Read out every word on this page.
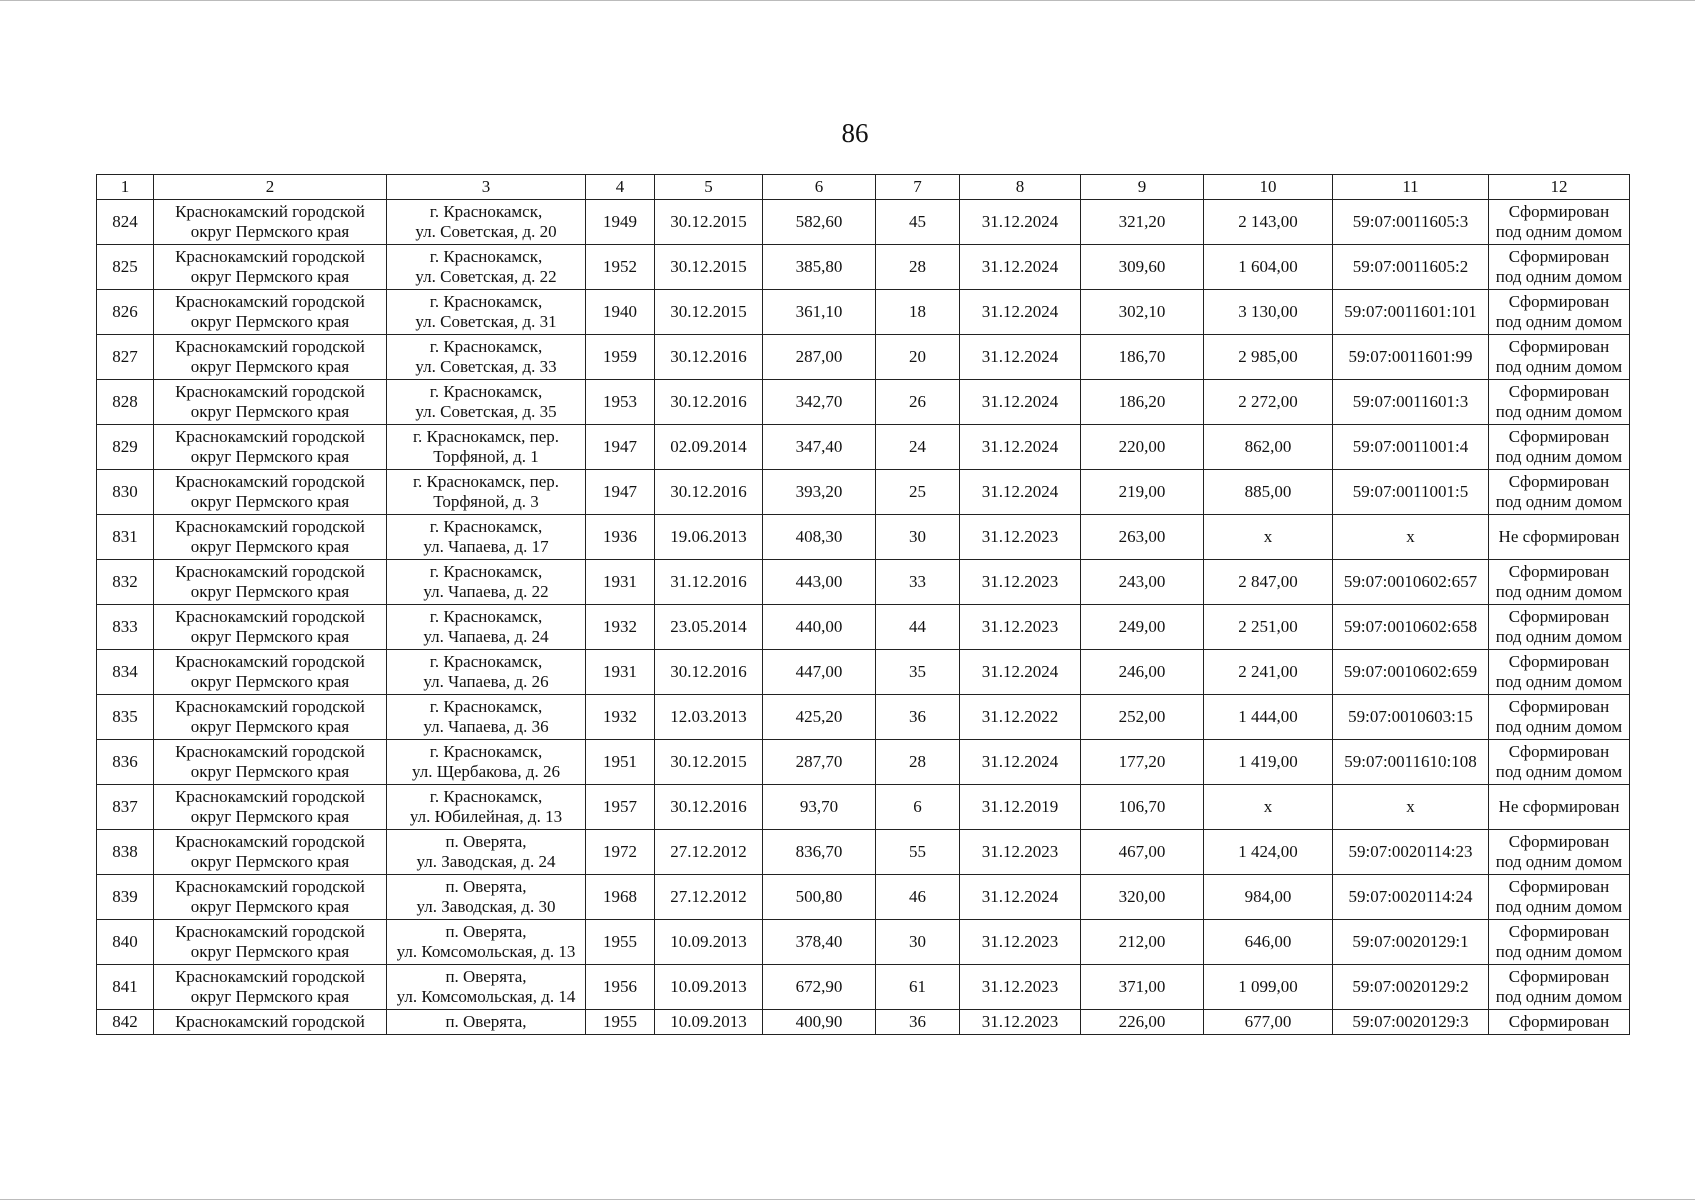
86
1	2	3	4	5	6	7	8	9	10	11	12
824	Краснокамский городской округ Пермского края	г. Краснокамск,
ул. Советская, д. 20	1949	30.12.2015	582,60	45	31.12.2024	321,20	2 143,00	59:07:0011605:3	Сформирован
под одним домом
825	Краснокамский городской округ Пермского края	г. Краснокамск,
ул. Советская, д. 22	1952	30.12.2015	385,80	28	31.12.2024	309,60	1 604,00	59:07:0011605:2	Сформирован
под одним домом
826	Краснокамский городской округ Пермского края	г. Краснокамск,
ул. Советская, д. 31	1940	30.12.2015	361,10	18	31.12.2024	302,10	3 130,00	59:07:0011601:101	Сформирован
под одним домом
827	Краснокамский городской округ Пермского края	г. Краснокамск,
ул. Советская, д. 33	1959	30.12.2016	287,00	20	31.12.2024	186,70	2 985,00	59:07:0011601:99	Сформирован
под одним домом
828	Краснокамский городской округ Пермского края	г. Краснокамск,
ул. Советская, д. 35	1953	30.12.2016	342,70	26	31.12.2024	186,20	2 272,00	59:07:0011601:3	Сформирован
под одним домом
829	Краснокамский городской округ Пермского края	г. Краснокамск, пер.
Торфяной, д. 1	1947	02.09.2014	347,40	24	31.12.2024	220,00	862,00	59:07:0011001:4	Сформирован
под одним домом
830	Краснокамский городской округ Пермского края	г. Краснокамск, пер.
Торфяной, д. 3	1947	30.12.2016	393,20	25	31.12.2024	219,00	885,00	59:07:0011001:5	Сформирован
под одним домом
831	Краснокамский городской округ Пермского края	г. Краснокамск,
ул. Чапаева, д. 17	1936	19.06.2013	408,30	30	31.12.2023	263,00	х	х	Не сформирован
832	Краснокамский городской округ Пермского края	г. Краснокамск,
ул. Чапаева, д. 22	1931	31.12.2016	443,00	33	31.12.2023	243,00	2 847,00	59:07:0010602:657	Сформирован
под одним домом
833	Краснокамский городской округ Пермского края	г. Краснокамск,
ул. Чапаева, д. 24	1932	23.05.2014	440,00	44	31.12.2023	249,00	2 251,00	59:07:0010602:658	Сформирован
под одним домом
834	Краснокамский городской округ Пермского края	г. Краснокамск,
ул. Чапаева, д. 26	1931	30.12.2016	447,00	35	31.12.2024	246,00	2 241,00	59:07:0010602:659	Сформирован
под одним домом
835	Краснокамский городской округ Пермского края	г. Краснокамск,
ул. Чапаева, д. 36	1932	12.03.2013	425,20	36	31.12.2022	252,00	1 444,00	59:07:0010603:15	Сформирован
под одним домом
836	Краснокамский городской округ Пермского края	г. Краснокамск,
ул. Щербакова, д. 26	1951	30.12.2015	287,70	28	31.12.2024	177,20	1 419,00	59:07:0011610:108	Сформирован
под одним домом
837	Краснокамский городской округ Пермского края	г. Краснокамск,
ул. Юбилейная, д. 13	1957	30.12.2016	93,70	6	31.12.2019	106,70	х	х	Не сформирован
838	Краснокамский городской округ Пермского края	п. Оверята,
ул. Заводская, д. 24	1972	27.12.2012	836,70	55	31.12.2023	467,00	1 424,00	59:07:0020114:23	Сформирован
под одним домом
839	Краснокамский городской округ Пермского края	п. Оверята,
ул. Заводская, д. 30	1968	27.12.2012	500,80	46	31.12.2024	320,00	984,00	59:07:0020114:24	Сформирован
под одним домом
840	Краснокамский городской округ Пермского края	п. Оверята,
ул. Комсомольская, д. 13	1955	10.09.2013	378,40	30	31.12.2023	212,00	646,00	59:07:0020129:1	Сформирован
под одним домом
841	Краснокамский городской округ Пермского края	п. Оверята,
ул. Комсомольская, д. 14	1956	10.09.2013	672,90	61	31.12.2023	371,00	1 099,00	59:07:0020129:2	Сформирован
под одним домом
842	Краснокамский городской	п. Оверята,	1955	10.09.2013	400,90	36	31.12.2023	226,00	677,00	59:07:0020129:3	Сформирован
